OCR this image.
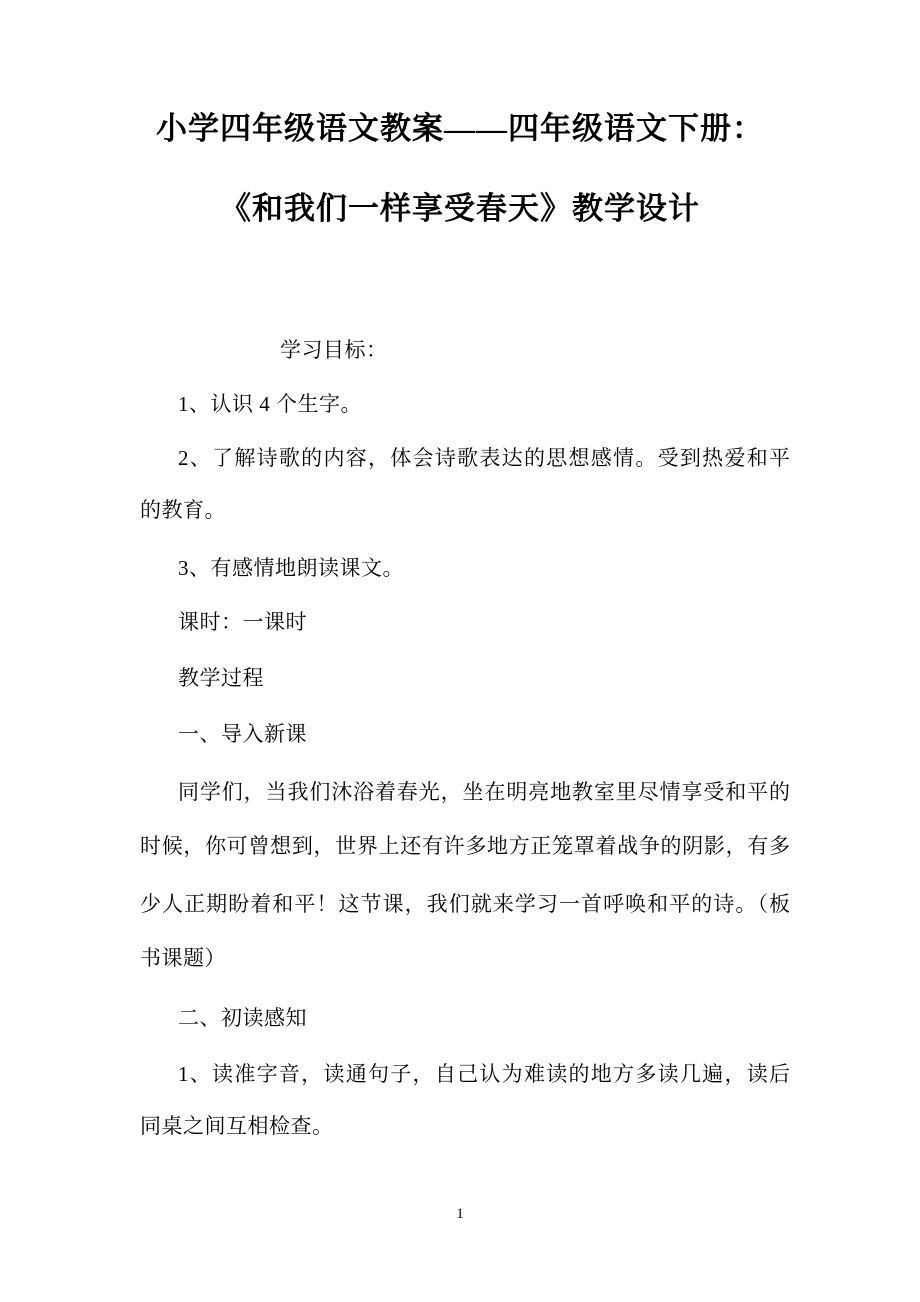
小学四年级语文教案——四年级语文下册：
《和我们一样享受春天》教学设计
学习目标：
1、认识 4 个生字。
2、了解诗歌的内容，体会诗歌表达的思想感情。受到热爱和平
的教育。
3、有感情地朗读课文。
课时：一课时
教学过程
一、导入新课
同学们，当我们沐浴着春光，坐在明亮地教室里尽情享受和平的
时候，你可曾想到，世界上还有许多地方正笼罩着战争的阴影，有多
少人正期盼着和平！这节课，我们就来学习一首呼唤和平的诗。（板
书课题）
二、初读感知
1、读准字音，读通句子，自己认为难读的地方多读几遍，读后
同桌之间互相检查。
1
